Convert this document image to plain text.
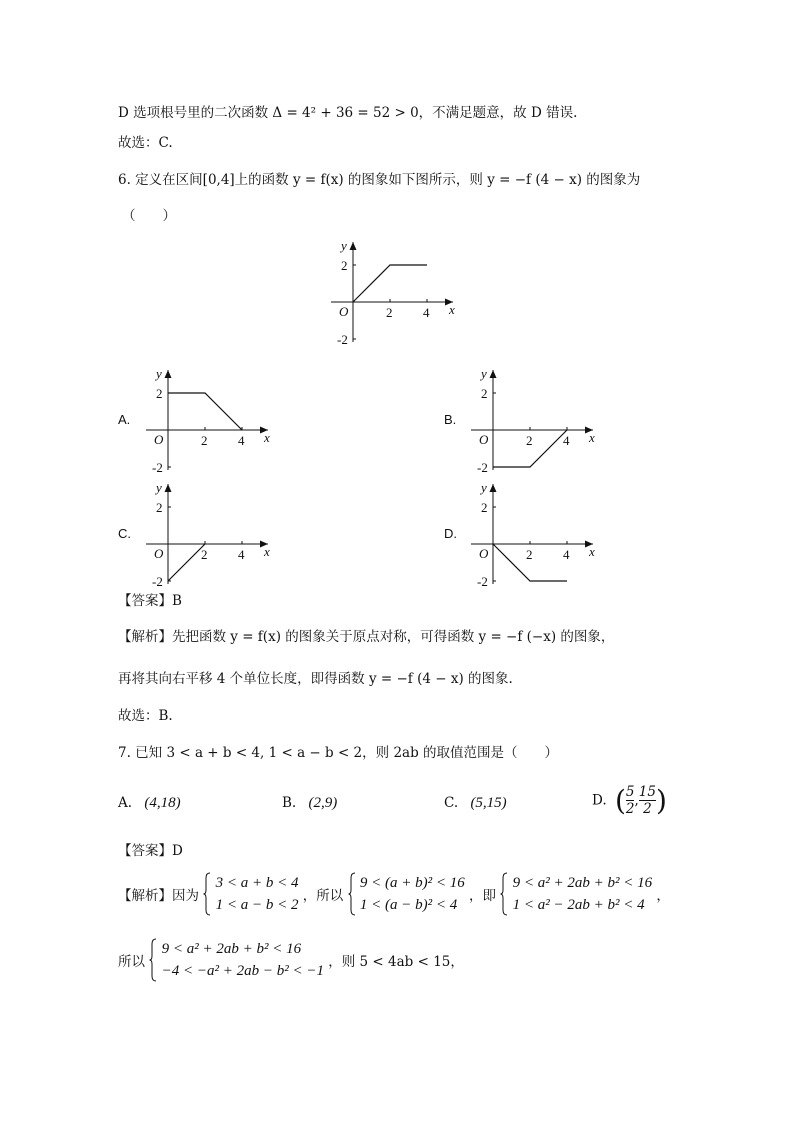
D 选项根号里的二次函数 Δ = 4² + 36 = 52 > 0，不满足题意，故 D 错误.
故选：C.
6. 定义在区间[0,4]上的函数 y = f(x) 的图象如下图所示，则 y = −f (4 − x) 的图象为
（　　）
y
x
O	2 4
2
-2
A.
y
x
O	2 4
2
-2
B.
y
x
O	2 4
2
-2
C.
y
x
O	2 4
2
-2
D.
y
x
O	2 4
2
-2
【答案】B
【解析】先把函数 y = f(x) 的图象关于原点对称，可得函数 y = −f (−x) 的图象，
再将其向右平移 4 个单位长度，即得函数 y = −f (4 − x) 的图象.
故选：B.
7. 已知 3 < a + b < 4, 1 < a − b < 2，则 2ab 的取值范围是（　　）
A. (4,18)	B. (2,9)	C. (5,15)	D. ( $\frac{5}{2}$ , $\frac{15}{2}$ )
【答案】D
【解析】因为
3 < a + b < 4
1 < a − b < 2
，所以
9 < (a + b)² < 16
1 < (a − b)² < 4
，即
9 < a² + 2ab + b² < 16
1 < a² − 2ab + b² < 4
，
所以
9 < a² + 2ab + b² < 16
−4 < −a² + 2ab − b² < −1
，则 5 < 4ab < 15，
